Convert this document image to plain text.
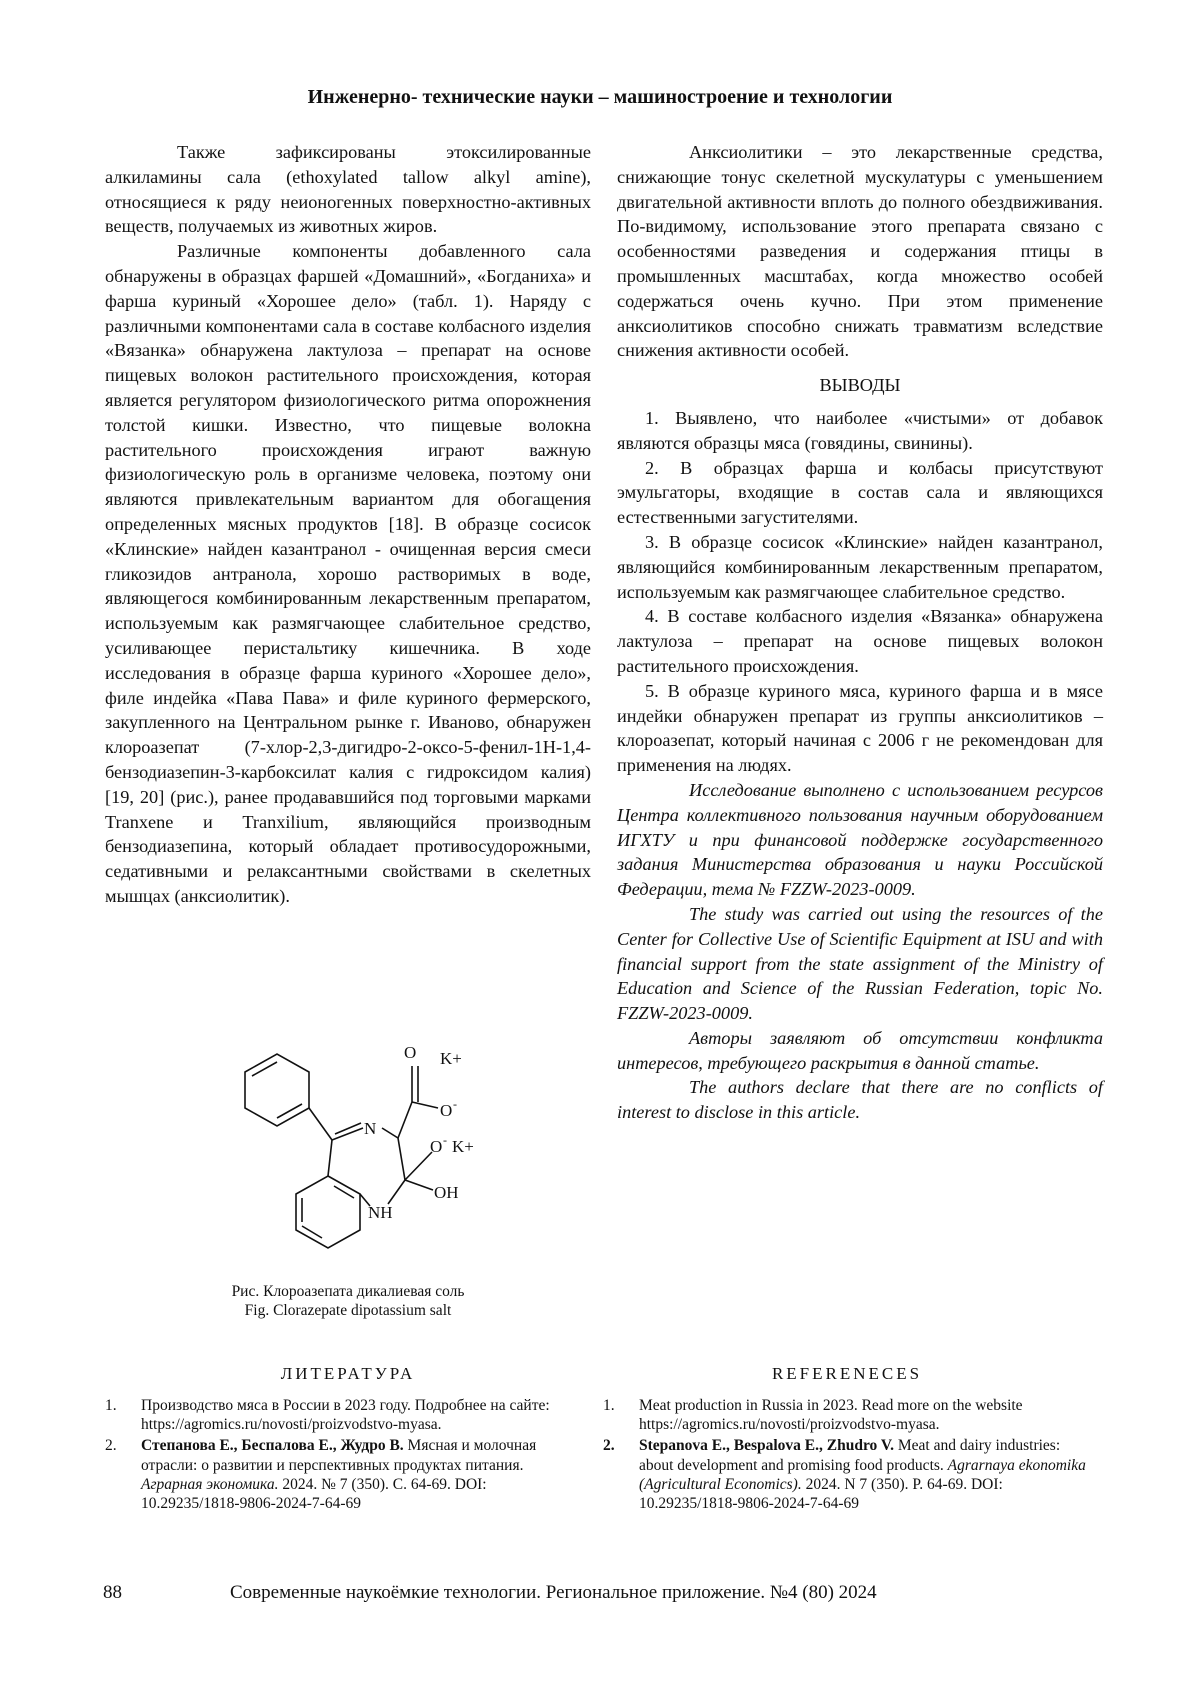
Инженерно- технические науки – машиностроение и технологии

Также зафиксированы этоксилированные алкиламины сала (ethoxylated tallow alkyl amine), относящиеся к ряду неионогенных поверхностно-активных веществ, получаемых из животных жиров.

Различные компоненты добавленного сала обнаружены в образцах фаршей «Домашний», «Богданиха» и фарша куриный «Хорошее дело» (табл. 1). Наряду с различными компонентами сала в составе колбасного изделия «Вязанка» обнаружена лактулоза – препарат на основе пищевых волокон растительного происхождения, которая является регулятором физиологического ритма опорожнения толстой кишки. Известно, что пищевые волокна растительного происхождения играют важную физиологическую роль в организме человека, поэтому они являются привлекательным вариантом для обогащения определенных мясных продуктов [18]. В образце сосисок «Клинские» найден казантранол - очищенная версия смеси гликозидов антранола, хорошо растворимых в воде, являющегося комбинированным лекарственным препаратом, используемым как размягчающее слабительное средство, усиливающее перистальтику кишечника. В ходе исследования в образце фарша куриного «Хорошее дело», филе индейка «Пава Пава» и филе куриного фермерского, закупленного на Центральном рынке г. Иваново, обнаружен клороазепат (7-хлор-2,3-дигидро-2-оксо-5-фенил-1Н-1,4-бензодиазепин-3-карбоксилат калия с гидроксидом калия) [19, 20] (рис.), ранее продававшийся под торговыми марками Tranxene и Tranxilium, являющийся производным бензодиазепина, который обладает противосудорожными, седативными и релаксантными свойствами в скелетных мышцах (анксиолитик).

O K+
O -
N
O - K+
OH
NH
Рис. Клороазепата дикалиевая соль
Fig. Clorazepate dipotassium salt

Анксиолитики – это лекарственные средства, снижающие тонус скелетной мускулатуры с уменьшением двигательной активности вплоть до полного обездвиживания. По-видимому, использование этого препарата связано с особенностями разведения и содержания птицы в промышленных масштабах, когда множество особей содержаться очень кучно. При этом применение анксиолитиков способно снижать травматизм вследствие снижения активности особей.

ВЫВОДЫ

1. Выявлено, что наиболее «чистыми» от добавок являются образцы мяса (говядины, свинины).

2. В образцах фарша и колбасы присутствуют эмульгаторы, входящие в состав сала и являющихся естественными загустителями.

3. В образце сосисок «Клинские» найден казантранол, являющийся комбинированным лекарственным препаратом, используемым как размягчающее слабительное средство.

4. В составе колбасного изделия «Вязанка» обнаружена лактулоза – препарат на основе пищевых волокон растительного происхождения.

5. В образце куриного мяса, куриного фарша и в мясе индейки обнаружен препарат из группы анксиолитиков – клороазепат, который начиная с 2006 г не рекомендован для применения на людях.

Исследование выполнено с использованием ресурсов Центра коллективного пользования научным оборудованием ИГХТУ и при финансовой поддержке государственного задания Министерства образования и науки Российской Федерации, тема № FZZW-2023-0009.

The study was carried out using the resources of the Center for Collective Use of Scientific Equipment at ISU and with financial support from the state assignment of the Ministry of Education and Science of the Russian Federation, topic No. FZZW-2023-0009.

Авторы заявляют об отсутствии конфликта интересов, требующего раскрытия в данной статье.

The authors declare that there are no conflicts of interest to disclose in this article.

ЛИТЕРАТУРА	REFERENECES
1. Производство мяса в России в 2023 году. Подробнее на сайте: https://agromics.ru/novosti/proizvodstvo-myasa.
2. Степанова Е., Беспалова Е., Жудро В. Мясная и молочная отрасли: о развитии и перспективных продуктах питания. Аграрная экономика. 2024. № 7 (350). С. 64-69. DOI: 10.29235/1818-9806-2024-7-64-69
1. Meat production in Russia in 2023. Read more on the website https://agromics.ru/novosti/proizvodstvo-myasa.
2. Stepanova E., Bespalova E., Zhudro V. Meat and dairy industries: about development and promising food products. Agrarnaya ekonomika (Agricultural Economics). 2024. N 7 (350). P. 64-69. DOI: 10.29235/1818-9806-2024-7-64-69
88	Современные наукоёмкие технологии. Региональное приложение. №4 (80) 2024
